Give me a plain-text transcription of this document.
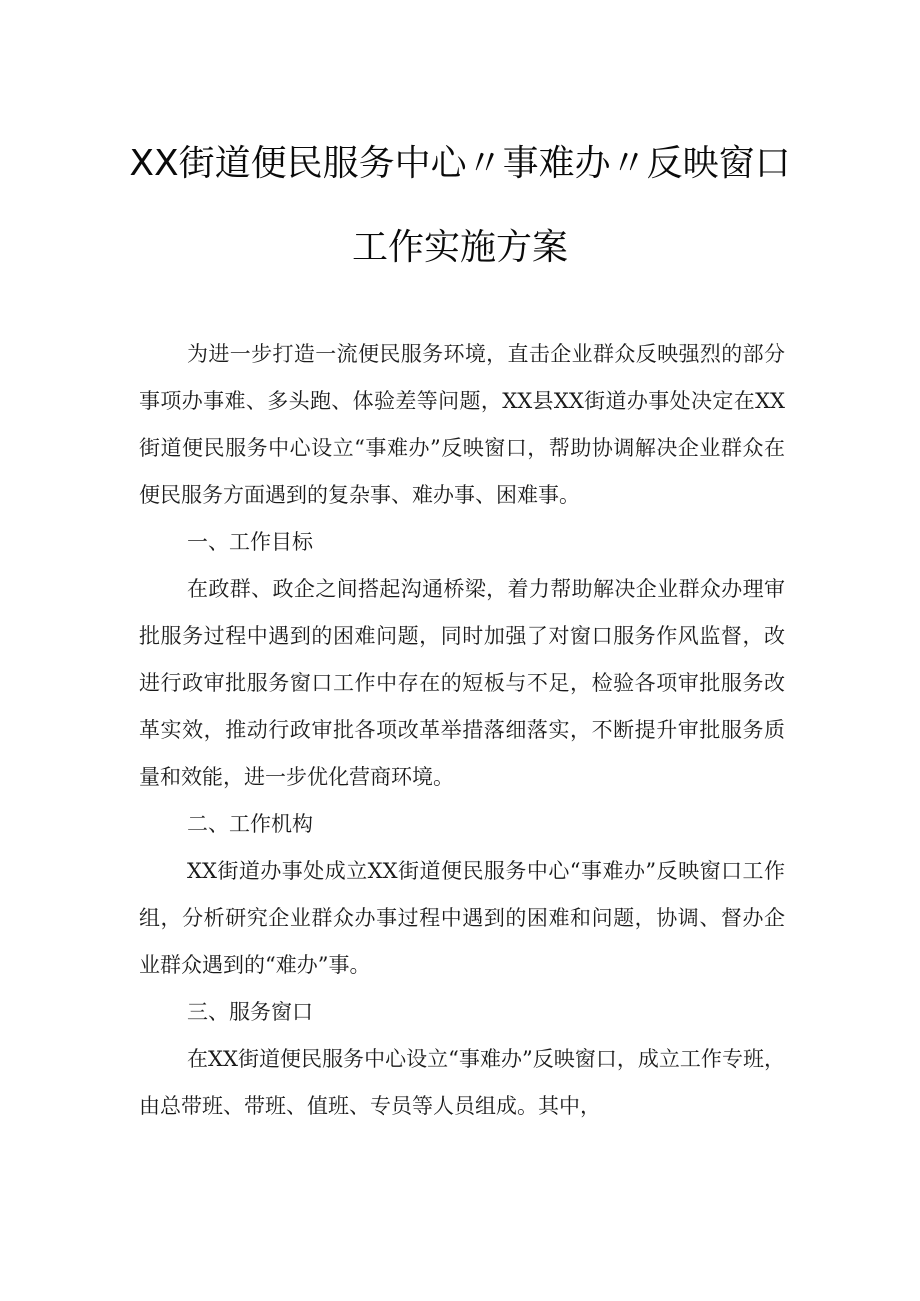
XX街道便民服务中心〃事难办〃反映窗口
工作实施方案

为进一步打造一流便民服务环境，直击企业群众反映强烈的部分事项办事难、多头跑、体验差等问题，XX县XX街道办事处决定在XX街道便民服务中心设立“事难办”反映窗口，帮助协调解决企业群众在便民服务方面遇到的复杂事、难办事、困难事。

一、工作目标

在政群、政企之间搭起沟通桥梁，着力帮助解决企业群众办理审批服务过程中遇到的困难问题，同时加强了对窗口服务作风监督，改进行政审批服务窗口工作中存在的短板与不足，检验各项审批服务改革实效，推动行政审批各项改革举措落细落实，不断提升审批服务质量和效能，进一步优化营商环境。

二、工作机构

XX街道办事处成立XX街道便民服务中心“事难办”反映窗口工作组，分析研究企业群众办事过程中遇到的困难和问题，协调、督办企业群众遇到的“难办”事。

三、服务窗口

在XX街道便民服务中心设立“事难办”反映窗口，成立工作专班，由总带班、带班、值班、专员等人员组成。其中，
